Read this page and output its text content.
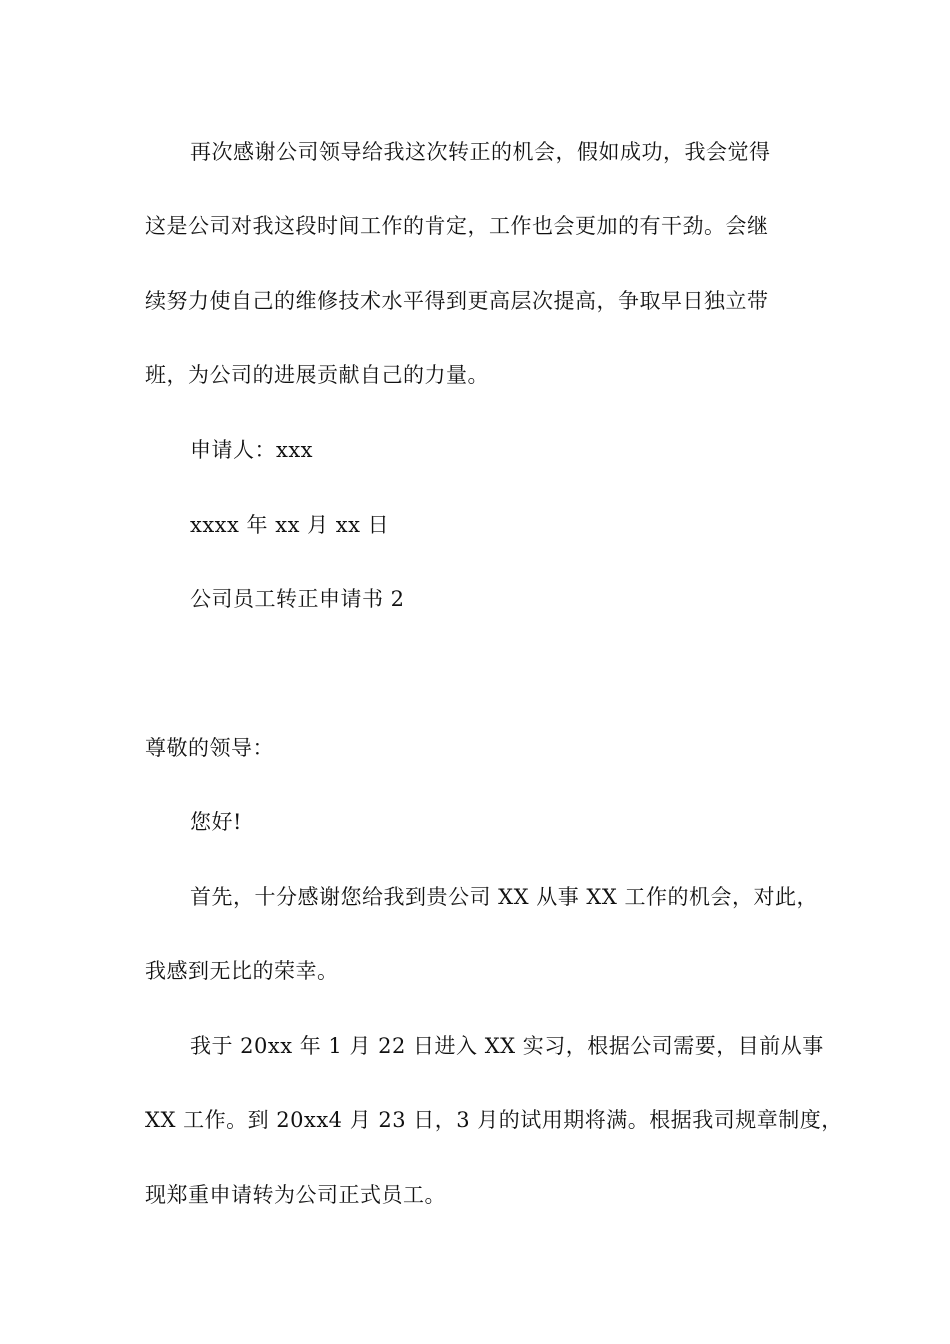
再次感谢公司领导给我这次转正的机会，假如成功，我会觉得
这是公司对我这段时间工作的肯定，工作也会更加的有干劲。会继
续努力使自己的维修技术水平得到更高层次提高，争取早日独立带
班，为公司的进展贡献自己的力量。
申请人：xxx
xxxx 年 xx 月 xx 日
公司员工转正申请书 2
尊敬的领导：
您好!
首先，十分感谢您给我到贵公司 XX 从事 XX 工作的机会，对此，
我感到无比的荣幸。
我于 20xx 年 1 月 22 日进入 XX 实习，根据公司需要，目前从事
XX 工作。到 20xx4 月 23 日，3 月的试用期将满。根据我司规章制度，
现郑重申请转为公司正式员工。
